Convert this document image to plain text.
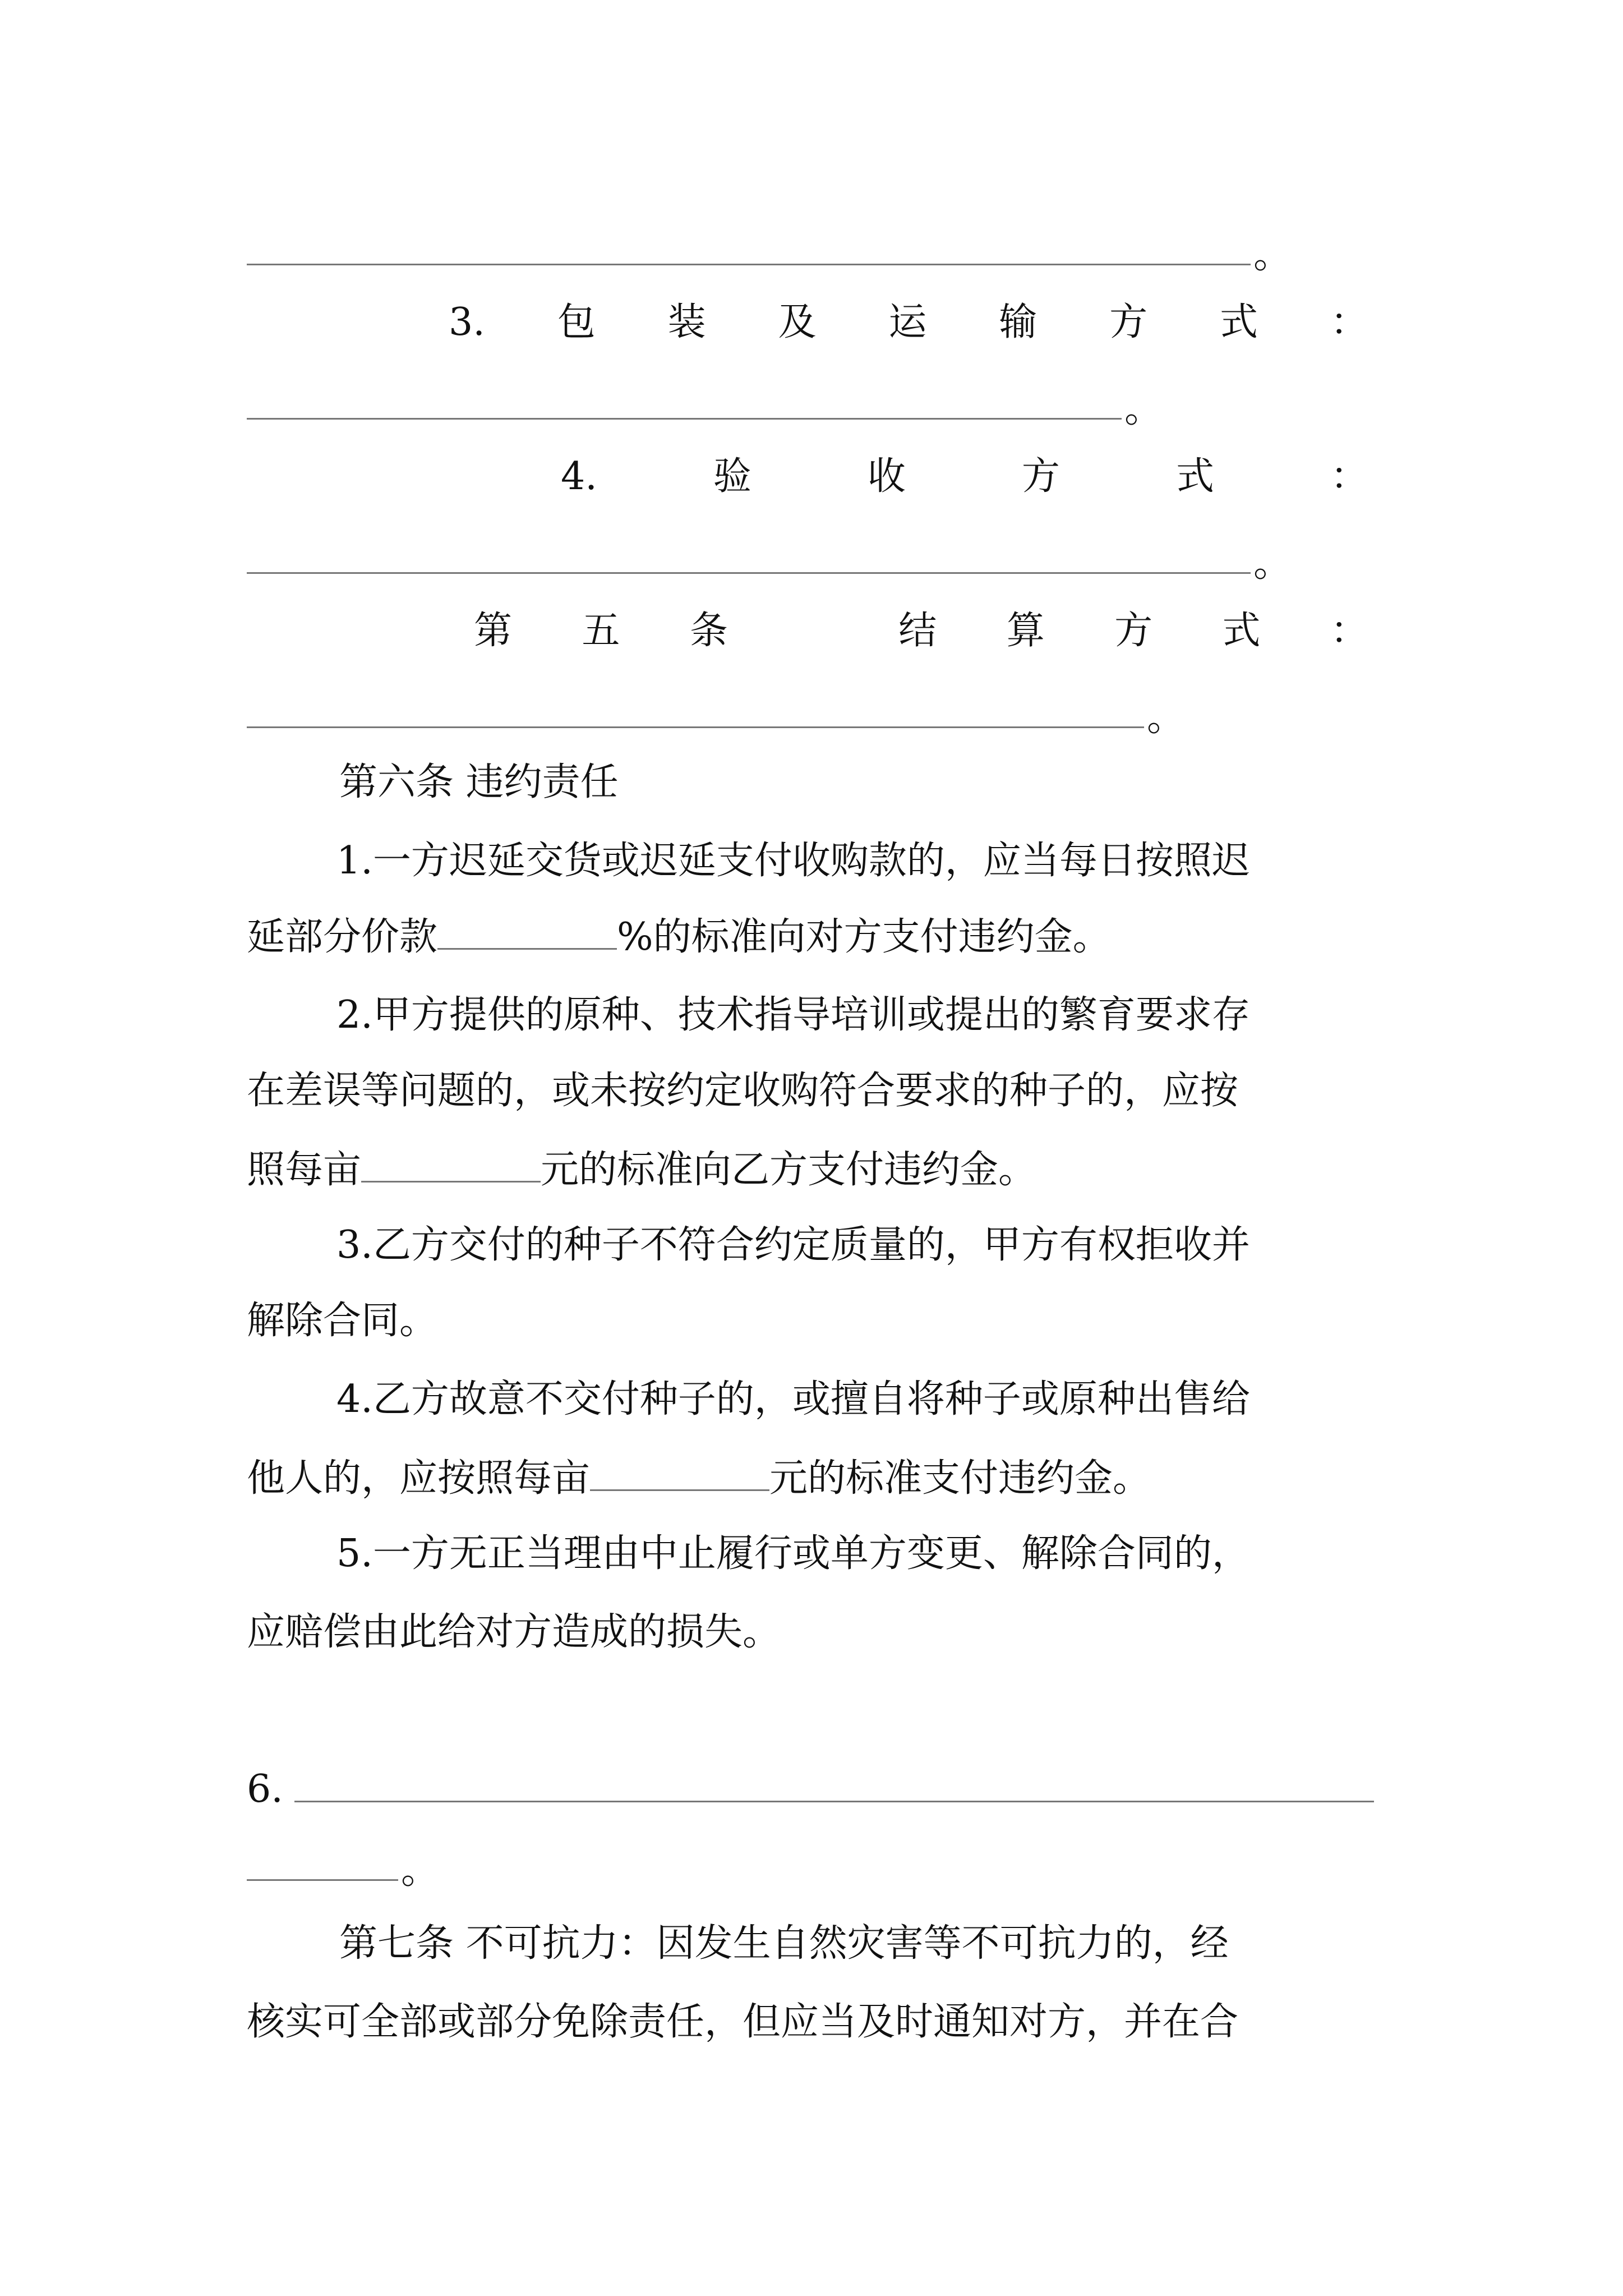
。
3. 包 装 及 运 输 方 式 ：
。
4.	验	收	方	式	：
。
第 五 条	结 算 方 式 ：
。
第六条 违约责任
1.一方迟延交货或迟延支付收购款的，应当每日按照迟
延部分价款	%的标准向对方支付违约金。
2.甲方提供的原种、技术指导培训或提出的繁育要求存
在差误等问题的，或未按约定收购符合要求的种子的，应按
照每亩	元的标准向乙方支付违约金。
3.乙方交付的种子不符合约定质量的，甲方有权拒收并
解除合同。
4.乙方故意不交付种子的，或擅自将种子或原种出售给
他人的，应按照每亩	元的标准支付违约金。
5.一方无正当理由中止履行或单方变更、解除合同的，
应赔偿由此给对方造成的损失。
6.
。
第七条 不可抗力：因发生自然灾害等不可抗力的，经
核实可全部或部分免除责任，但应当及时通知对方，并在合
